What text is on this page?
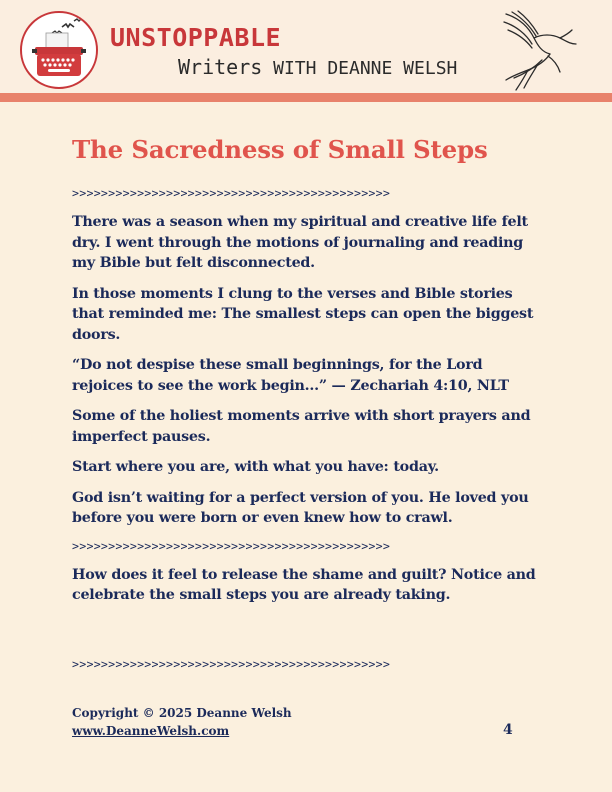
UNSTOPPABLE
Writers WITH DEANNE WELSH
The Sacredness of Small Steps
>>>>>>>>>>>>>>>>>>>>>>>>>>>>>>>>>>>>>>>>>>>>

There was a season when my spiritual and creative life felt dry. I went through the motions of journaling and reading my Bible but felt disconnected.

In those moments I clung to the verses and Bible stories that reminded me: The smallest steps can open the biggest doors.

“Do not despise these small beginnings, for the Lord rejoices to see the work begin...” — Zechariah 4:10, NLT

Some of the holiest moments arrive with short prayers and imperfect pauses.

Start where you are, with what you have: today.

God isn’t waiting for a perfect version of you. He loved you before you were born or even knew how to crawl.

>>>>>>>>>>>>>>>>>>>>>>>>>>>>>>>>>>>>>>>>>>>>

How does it feel to release the shame and guilt? Notice and celebrate the small steps you are already taking.

>>>>>>>>>>>>>>>>>>>>>>>>>>>>>>>>>>>>>>>>>>>>
Copyright © 2025 Deanne Welsh
www.DeanneWelsh.com	4
